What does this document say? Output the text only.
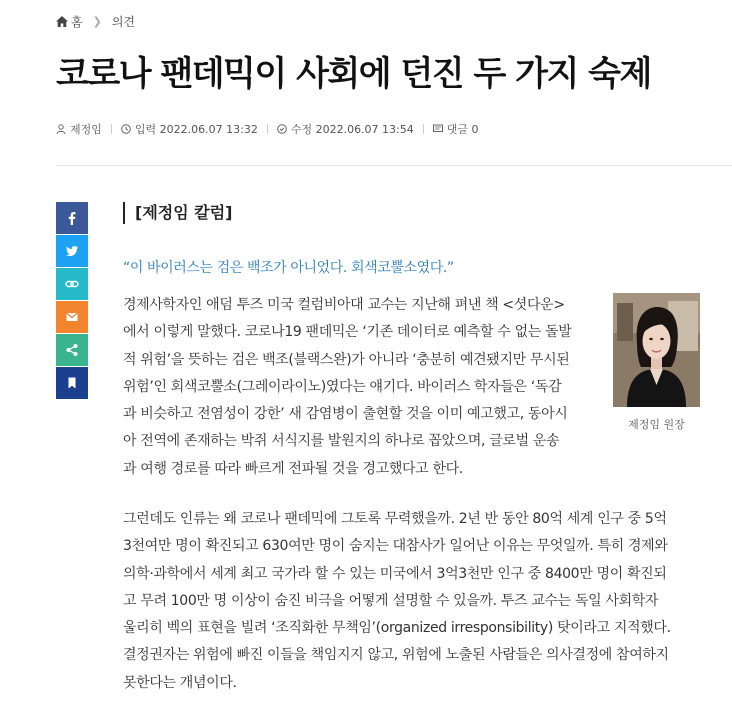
홈 ❯ 의견
코로나 팬데믹이 사회에 던진 두 가지 숙제
제정임	입력 2022.06.07 13:32	수정 2022.06.07 13:54	댓글 0
[제정임 칼럼]
“이 바이러스는 검은 백조가 아니었다. 회색코뿔소였다.”

경제사학자인 애덤 투즈 미국 컬럼비아대 교수는 지난해 펴낸 책 <셧다운>
에서 이렇게 말했다. 코로나19 팬데믹은 ‘기존 데이터로 예측할 수 없는 돌발
적 위험’을 뜻하는 검은 백조(블랙스완)가 아니라 ‘충분히 예견됐지만 무시된
위험’인 회색코뿔소(그레이라이노)였다는 얘기다. 바이러스 학자들은 ‘독감
과 비슷하고 전염성이 강한’ 새 감염병이 출현할 것을 이미 예고했고, 동아시
아 전역에 존재하는 박쥐 서식지를 발원지의 하나로 꼽았으며, 글로벌 운송
과 여행 경로를 따라 빠르게 전파될 것을 경고했다고 한다.

제정임 원장

그런데도 인류는 왜 코로나 팬데믹에 그토록 무력했을까. 2년 반 동안 80억 세계 인구 중 5억
3천여만 명이 확진되고 630여만 명이 숨지는 대참사가 일어난 이유는 무엇일까. 특히 경제와
의학·과학에서 세계 최고 국가라 할 수 있는 미국에서 3억3천만 인구 중 8400만 명이 확진되
고 무려 100만 명 이상이 숨진 비극을 어떻게 설명할 수 있을까. 투즈 교수는 독일 사회학자
울리히 벡의 표현을 빌려 ‘조직화한 무책임’(organized irresponsibility) 탓이라고 지적했다.
결정권자는 위험에 빠진 이들을 책임지지 않고, 위험에 노출된 사람들은 의사결정에 참여하지
못한다는 개념이다.
